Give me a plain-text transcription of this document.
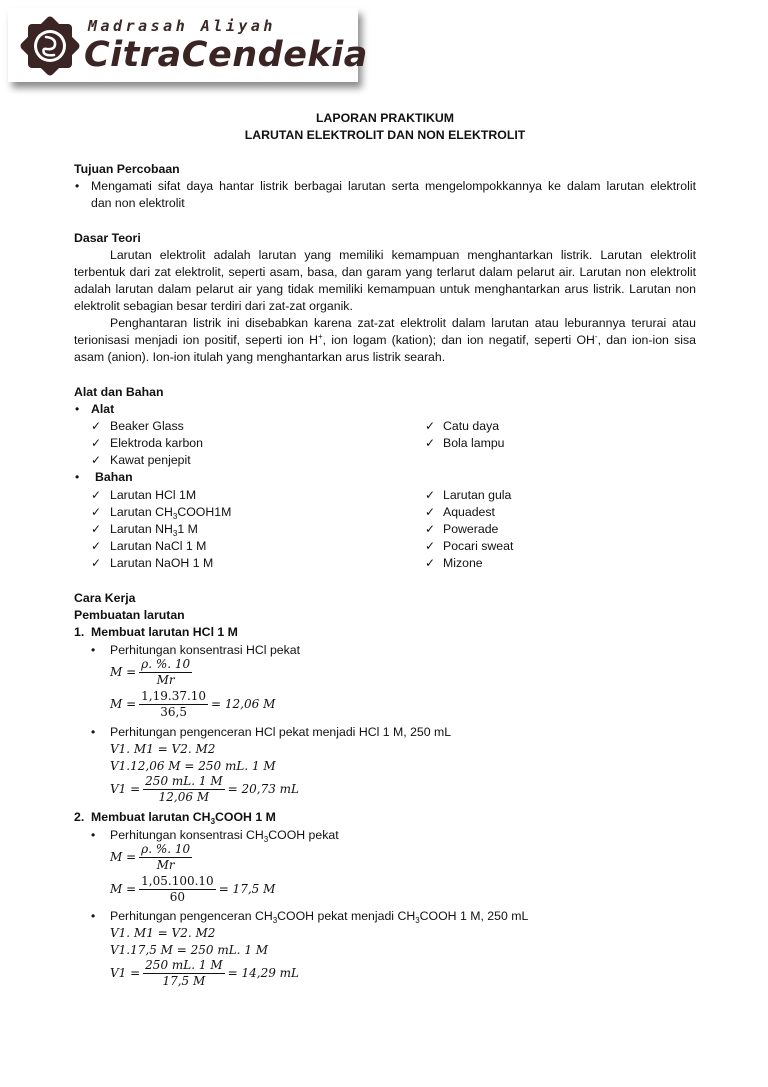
Madrasah Aliyah
CitraCendekia
LAPORAN PRAKTIKUM
LARUTAN ELEKTROLIT DAN NON ELEKTROLIT
Tujuan Percobaan
• Mengamati sifat daya hantar listrik berbagai larutan serta mengelompokkannya ke dalam larutan elektrolit
dan non elektrolit
Dasar Teori
Larutan elektrolit adalah larutan yang memiliki kemampuan menghantarkan listrik. Larutan elektrolit terbentuk dari zat elektrolit, seperti asam, basa, dan garam yang terlarut dalam pelarut air. Larutan non elektrolit adalah larutan dalam pelarut air yang tidak memiliki kemampuan untuk menghantarkan arus listrik. Larutan non elektrolit sebagian besar terdiri dari zat-zat organik.
Penghantaran listrik ini disebabkan karena zat-zat elektrolit dalam larutan atau leburannya terurai atau terionisasi menjadi ion positif, seperti ion H+, ion logam (kation); dan ion negatif, seperti OH-, dan ion-ion sisa asam (anion). Ion-ion itulah yang menghantarkan arus listrik searah.
Alat dan Bahan
• Alat
✓ Beaker Glass
✓ Elektroda karbon
✓ Kawat penjepit
✓ Catu daya
✓ Bola lampu
• Bahan
✓ Larutan HCl 1M
✓ Larutan $CH_3COOH1M$
✓ Larutan $NH_31$ M
✓ Larutan NaCl 1 M
✓ Larutan NaOH 1 M
✓ Larutan gula
✓ Aquadest
✓ Powerade
✓ Pocari sweat
✓ Mizone
Cara Kerja
Pembuatan larutan
1. Membuat larutan HCl 1 M
• Perhitungan konsentrasi HCl pekat
$M = \frac{\rho. \%. 10}{Mr}$
$M = \frac{1,19.37.10}{36,5} = 12,06$ M
• Perhitungan pengenceran HCl pekat menjadi HCl 1 M, 250 mL
V1. M1 = V2. M2
V1.12,06 M = 250 mL. 1 M
$V1 = \frac{250 mL. 1 M}{12,06 M} = 20,73$ mL
2. Membuat larutan $CH_3COOH$ 1 M
• Perhitungan konsentrasi $CH_3COOH$ pekat
$M = \frac{\rho. \%. 10}{Mr}$
$M = \frac{1,05.100.10}{60} = 17,5$ M
• Perhitungan pengenceran $CH_3COOH$ pekat menjadi $CH_3COOH$ 1 M, 250 mL
V1. M1 = V2. M2
V1.17,5 M = 250 mL. 1 M
$V1 = \frac{250 mL. 1 M}{17,5 M} = 14,29$ mL
